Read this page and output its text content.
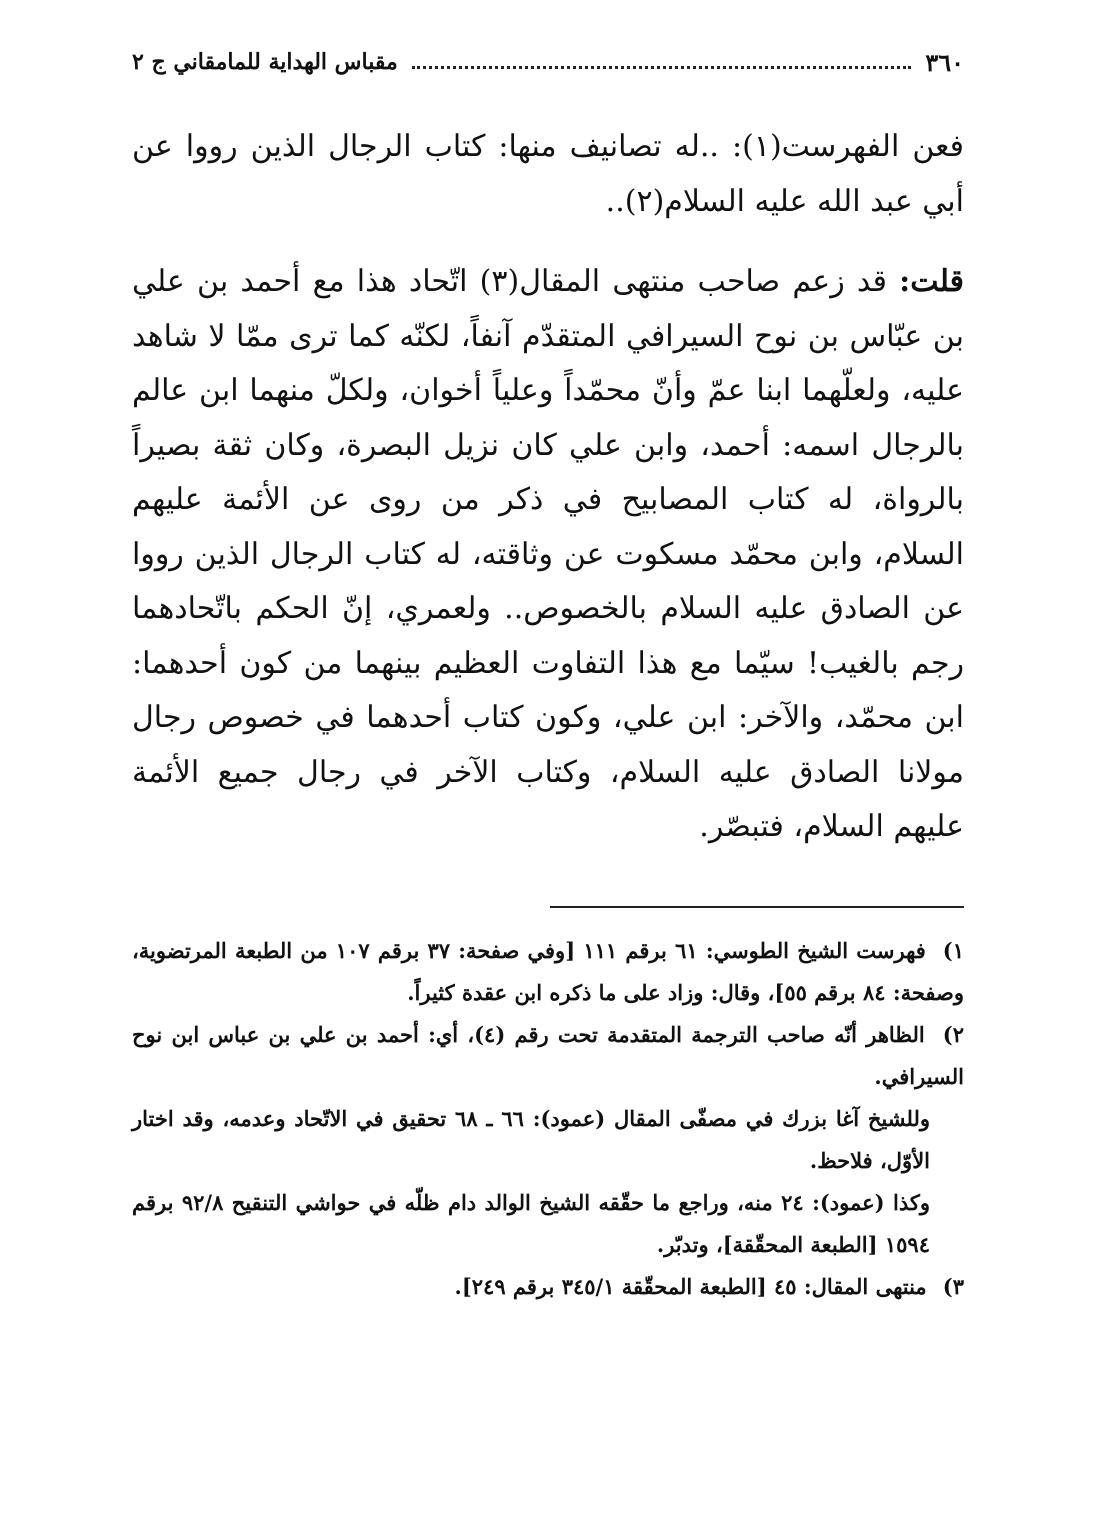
مقباس الهداية للمامقاني ج ٢	٣٦٠

فعن الفهرست(١): ..له تصانيف منها: كتاب الرجال الذين رووا عن أبي عبد الله عليه السلام(٢)..

قلت: قد زعم صاحب منتهى المقال(٣) اتّحاد هذا مع أحمد بن علي بن عبّاس بن نوح السيرافي المتقدّم آنفاً، لكنّه كما ترى ممّا لا شاهد عليه، ولعلّهما ابنا عمّ وأنّ محمّداً وعلياً أخوان، ولكلّ منهما ابن عالم بالرجال اسمه: أحمد، وابن علي كان نزيل البصرة، وكان ثقة بصيراً بالرواة، له كتاب المصابيح في ذكر من روى عن الأئمة عليهم السلام، وابن محمّد مسكوت عن وثاقته، له كتاب الرجال الذين رووا عن الصادق عليه السلام بالخصوص.. ولعمري، إنّ الحكم باتّحادهما رجم بالغيب! سيّما مع هذا التفاوت العظيم بينهما من كون أحدهما: ابن محمّد، والآخر: ابن علي، وكون كتاب أحدهما في خصوص رجال مولانا الصادق عليه السلام، وكتاب الآخر في رجال جميع الأئمة عليهم السلام، فتبصّر.

١) فهرست الشيخ الطوسي: ٦١ برقم ١١١ [وفي صفحة: ٣٧ برقم ١٠٧ من الطبعة المرتضوية، وصفحة: ٨٤ برقم ٥٥]، وقال: وزاد على ما ذكره ابن عقدة كثيراً.

٢) الظاهر أنّه صاحب الترجمة المتقدمة تحت رقم (٤)، أي: أحمد بن علي بن عباس ابن نوح السيرافي.

وللشيخ آغا بزرك في مصفّى المقال (عمود): ٦٦ ـ ٦٨ تحقيق في الاتّحاد وعدمه، وقد اختار الأوّل، فلاحظ.

وكذا (عمود): ٢٤ منه، وراجع ما حقّقه الشيخ الوالد دام ظلّه في حواشي التنقيح ٩٢/٨ برقم ١٥٩٤ [الطبعة المحقّقة]، وتدبّر.

٣) منتهى المقال: ٤٥ [الطبعة المحقّقة ٣٤٥/١ برقم ٢٤٩].
